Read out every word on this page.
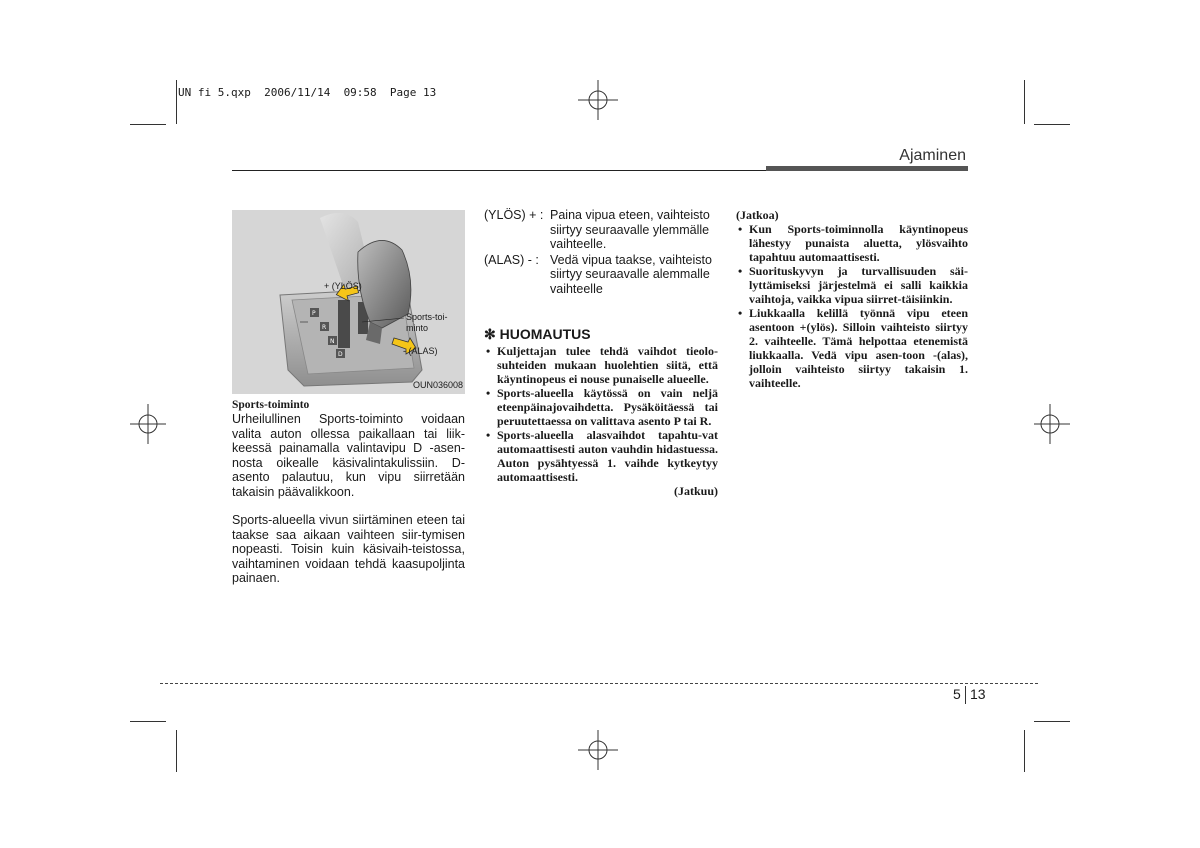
UN fi 5.qxp  2006/11/14  09:58  Page 13
Ajaminen
P
R
N
D
+ (YLÖS)
Sports-toi-
minto
- (ALAS)
OUN036008
Sports-toiminto
Urheilullinen Sports-toiminto voidaan valita auton ollessa paikallaan tai liik-keessä painamalla valintavipu D -asen-nosta oikealle käsivalintakulissiin. D-asento palautuu, kun vipu siirretään takaisin päävalikkoon.
Sports-alueella vivun siirtäminen eteen tai taakse saa aikaan vaihteen siir-tymisen nopeasti. Toisin kuin käsivaih-teistossa, vaihtaminen voidaan tehdä kaasupoljinta painaen.
(YLÖS) + : Paina vipua eteen, vaihteisto siirtyy seuraavalle ylemmälle vaihteelle.
(ALAS) - : Vedä vipua taakse, vaihteisto siirtyy seuraavalle alemmalle vaihteelle
✻ HUOMAUTUS
• Kuljettajan tulee tehdä vaihdot tieolo-suhteiden mukaan huolehtien siitä, että käyntinopeus ei nouse punaiselle alueelle.
• Sports-alueella käytössä on vain neljä eteenpäinajovaihdetta. Pysäköitäessä tai peruutettaessa on valittava asento P tai R.
• Sports-alueella alasvaihdot tapahtu-vat automaattisesti auton vauhdin hidastuessa. Auton pysähtyessä 1. vaihde kytkeytyy automaattisesti.
(Jatkuu)
(Jatkoa)
• Kun Sports-toiminnolla käyntinopeus lähestyy punaista aluetta, ylösvaihto tapahtuu automaattisesti.
• Suorituskyvyn ja turvallisuuden säi-lyttämiseksi järjestelmä ei salli kaikkia vaihtoja, vaikka vipua siirret-täisiinkin.
• Liukkaalla kelillä työnnä vipu eteen asentoon +(ylös). Silloin vaihteisto siirtyy 2. vaihteelle. Tämä helpottaa etenemistä liukkaalla. Vedä vipu asen-toon -(alas), jolloin vaihteisto siirtyy takaisin 1. vaihteelle.
5 13
